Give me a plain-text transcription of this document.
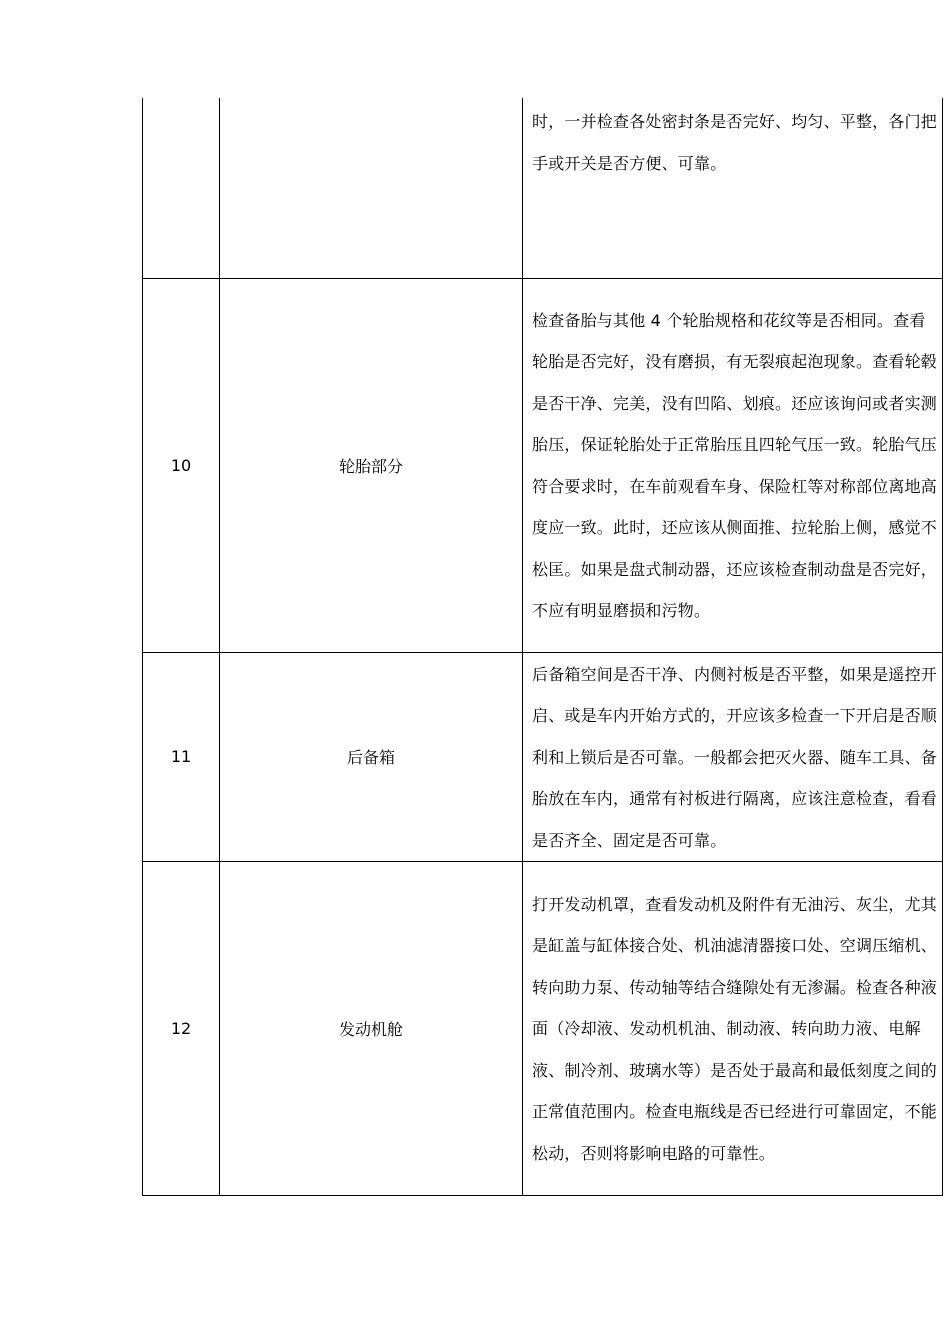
		时，一并检查各处密封条是否完好、均匀、平整，各门把手或开关是否方便、可靠。
10	轮胎部分	检查备胎与其他 4 个轮胎规格和花纹等是否相同。查看轮胎是否完好，没有磨损，有无裂痕起泡现象。查看轮毂是否干净、完美，没有凹陷、划痕。还应该询问或者实测胎压，保证轮胎处于正常胎压且四轮气压一致。轮胎气压符合要求时，在车前观看车身、保险杠等对称部位离地高度应一致。此时，还应该从侧面推、拉轮胎上侧，感觉不松匡。如果是盘式制动器，还应该检查制动盘是否完好，不应有明显磨损和污物。
11	后备箱	后备箱空间是否干净、内侧衬板是否平整，如果是遥控开启、或是车内开始方式的，开应该多检查一下开启是否顺利和上锁后是否可靠。一般都会把灭火器、随车工具、备胎放在车内，通常有衬板进行隔离，应该注意检查，看看是否齐全、固定是否可靠。
12	发动机舱	打开发动机罩，查看发动机及附件有无油污、灰尘，尤其是缸盖与缸体接合处、机油滤清器接口处、空调压缩机、转向助力泵、传动轴等结合缝隙处有无渗漏。检查各种液面（冷却液、发动机机油、制动液、转向助力液、电解液、制冷剂、玻璃水等）是否处于最高和最低刻度之间的正常值范围内。检查电瓶线是否已经进行可靠固定，不能松动，否则将影响电路的可靠性。
